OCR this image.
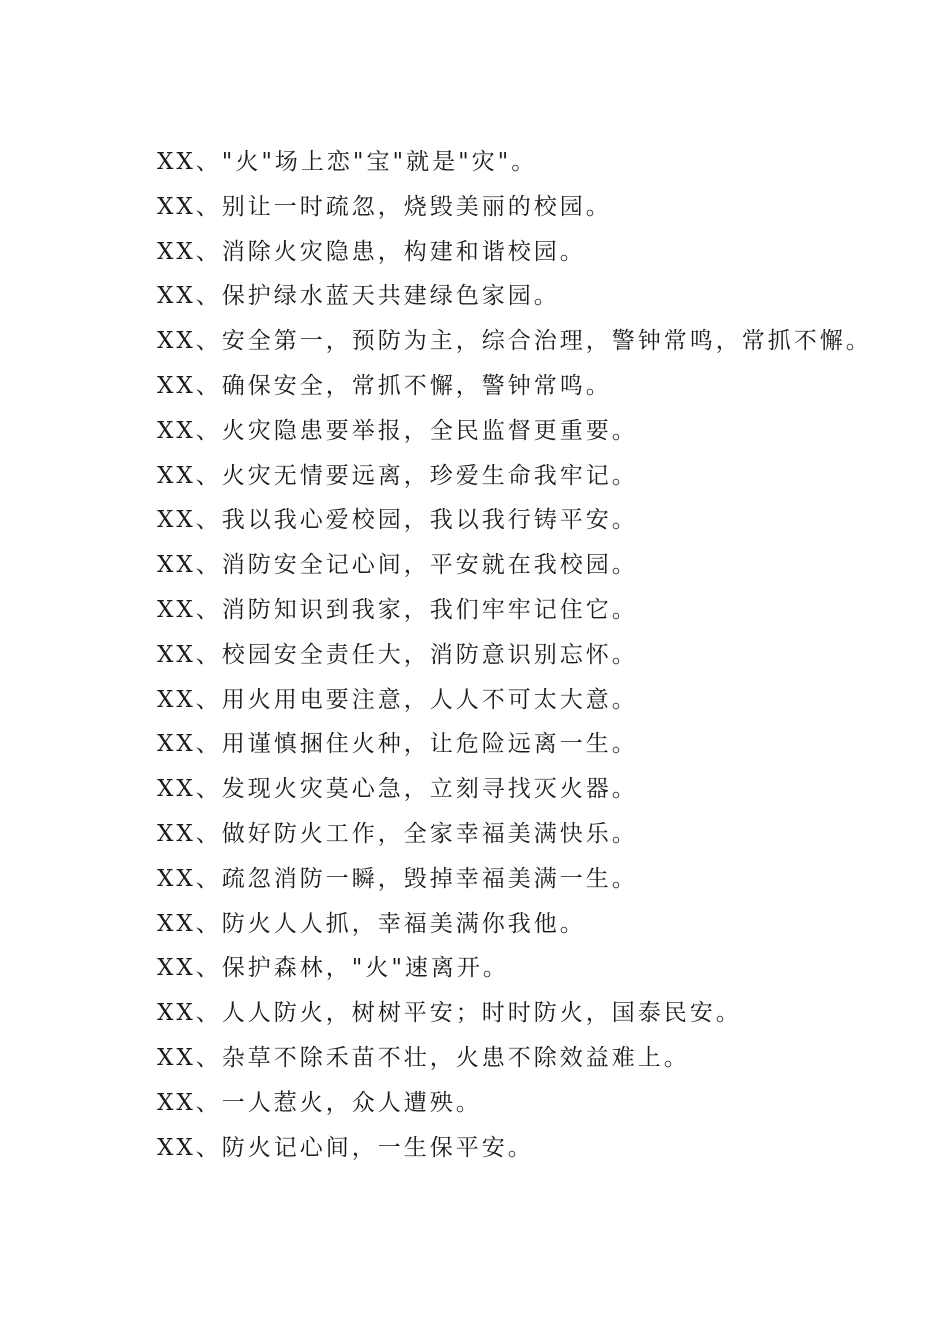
XX、"火"场上恋"宝"就是"灾"。
XX、别让一时疏忽，烧毁美丽的校园。
XX、消除火灾隐患，构建和谐校园。
XX、保护绿水蓝天共建绿色家园。
XX、安全第一，预防为主，综合治理，警钟常鸣，常抓不懈。
XX、确保安全，常抓不懈，警钟常鸣。
XX、火灾隐患要举报，全民监督更重要。
XX、火灾无情要远离，珍爱生命我牢记。
XX、我以我心爱校园，我以我行铸平安。
XX、消防安全记心间，平安就在我校园。
XX、消防知识到我家，我们牢牢记住它。
XX、校园安全责任大，消防意识别忘怀。
XX、用火用电要注意，人人不可太大意。
XX、用谨慎捆住火种，让危险远离一生。
XX、发现火灾莫心急，立刻寻找灭火器。
XX、做好防火工作，全家幸福美满快乐。
XX、疏忽消防一瞬，毁掉幸福美满一生。
XX、防火人人抓，幸福美满你我他。
XX、保护森林，"火"速离开。
XX、人人防火，树树平安；时时防火，国泰民安。
XX、杂草不除禾苗不壮，火患不除效益难上。
XX、一人惹火，众人遭殃。
XX、防火记心间，一生保平安。
